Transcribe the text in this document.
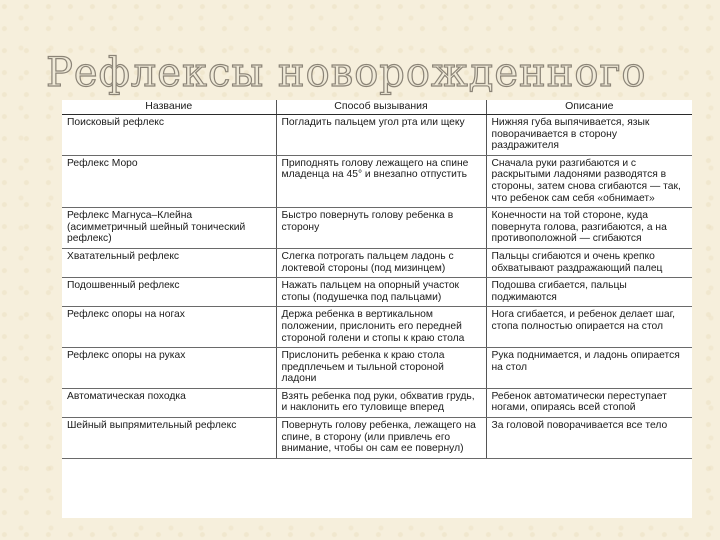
Рефлексы новорожденного
Название	Способ вызывания	Описание
Поисковый рефлекс	Погладить пальцем угол рта или щеку	Нижняя губа выпячивается, язык поворачивается в сторону раздражителя
Рефлекс Моро	Приподнять голову лежащего на спине младенца на 45° и внезапно отпустить	Сначала руки разгибаются и с раскрытыми ладонями разводятся в стороны, затем снова сгибаются — так, что ребенок сам себя «обнимает»
Рефлекс Магнуса–Клейна (асимметричный шейный тонический рефлекс)	Быстро повернуть голову ребенка в сторону	Конечности на той стороне, куда повернута голова, разгибаются, а на противоположной — сгибаются
Хватательный рефлекс	Слегка потрогать пальцем ладонь с локтевой стороны (под мизинцем)	Пальцы сгибаются и очень крепко обхватывают раздражающий палец
Подошвенный рефлекс	Нажать пальцем на опорный участок стопы (подушечка под пальцами)	Подошва сгибается, пальцы поджимаются
Рефлекс опоры на ногах	Держа ребенка в вертикальном положении, прислонить его передней стороной голени и стопы к краю стола	Нога сгибается, и ребенок делает шаг, стопа полностью опирается на стол
Рефлекс опоры на руках	Прислонить ребенка к краю стола предплечьем и тыльной стороной ладони	Рука поднимается, и ладонь опирается на стол
Автоматическая походка	Взять ребенка под руки, обхватив грудь, и наклонить его туловище вперед	Ребенок автоматически переступает ногами, опираясь всей стопой
Шейный выпрямительный рефлекс	Повернуть голову ребенка, лежащего на спине, в сторону (или привлечь его внимание, чтобы он сам ее повернул)	За головой поворачивается все тело
